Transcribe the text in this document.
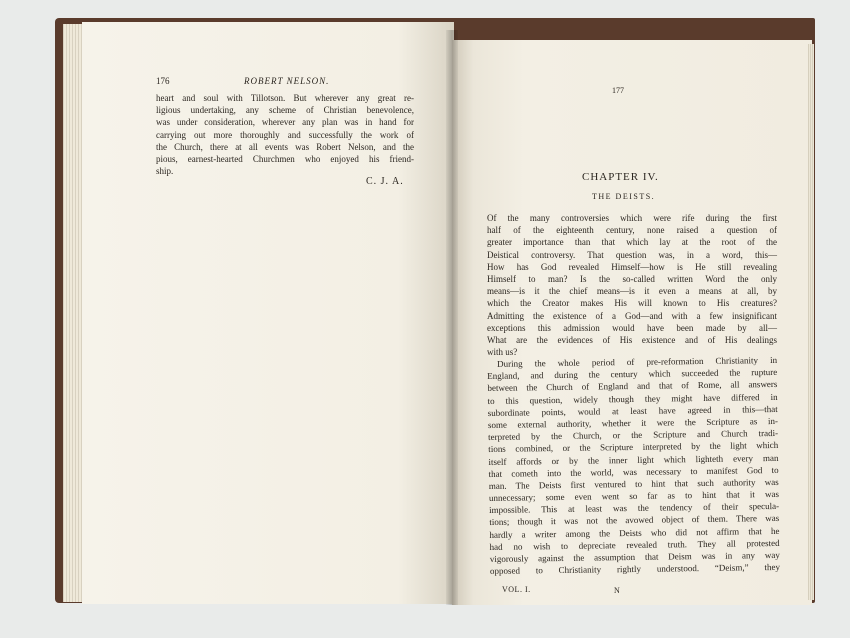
176	ROBERT NELSON.
heart and soul with Tillotson. But wherever any great re-
ligious undertaking, any scheme of Christian benevolence,
was under consideration, wherever any plan was in hand for
carrying out more thoroughly and successfully the work of
the Church, there at all events was Robert Nelson, and the
pious, earnest-hearted Churchmen who enjoyed his friend-
ship.
C. J. A.
177
CHAPTER IV.
THE DEISTS.
Of the many controversies which were rife during the first
half of the eighteenth century, none raised a question of
greater importance than that which lay at the root of the
Deistical controversy. That question was, in a word, this—
How has God revealed Himself—how is He still revealing
Himself to man? Is the so-called written Word the only
means—is it the chief means—is it even a means at all, by
which the Creator makes His will known to His creatures?
Admitting the existence of a God—and with a few insignificant
exceptions this admission would have been made by all—
What are the evidences of His existence and of His dealings
with us?
During the whole period of pre-reformation Christianity in
England, and during the century which succeeded the rupture
between the Church of England and that of Rome, all answers
to this question, widely though they might have differed in
subordinate points, would at least have agreed in this—that
some external authority, whether it were the Scripture as in-
terpreted by the Church, or the Scripture and Church tradi-
tions combined, or the Scripture interpreted by the light which
itself affords or by the inner light which lighteth every man
that cometh into the world, was necessary to manifest God to
man. The Deists first ventured to hint that such authority was
unnecessary; some even went so far as to hint that it was
impossible. This at least was the tendency of their specula-
tions; though it was not the avowed object of them. There was
hardly a writer among the Deists who did not affirm that he
had no wish to depreciate revealed truth. They all protested
vigorously against the assumption that Deism was in any way
opposed to Christianity rightly understood. “Deism,” they
VOL. I.	N
